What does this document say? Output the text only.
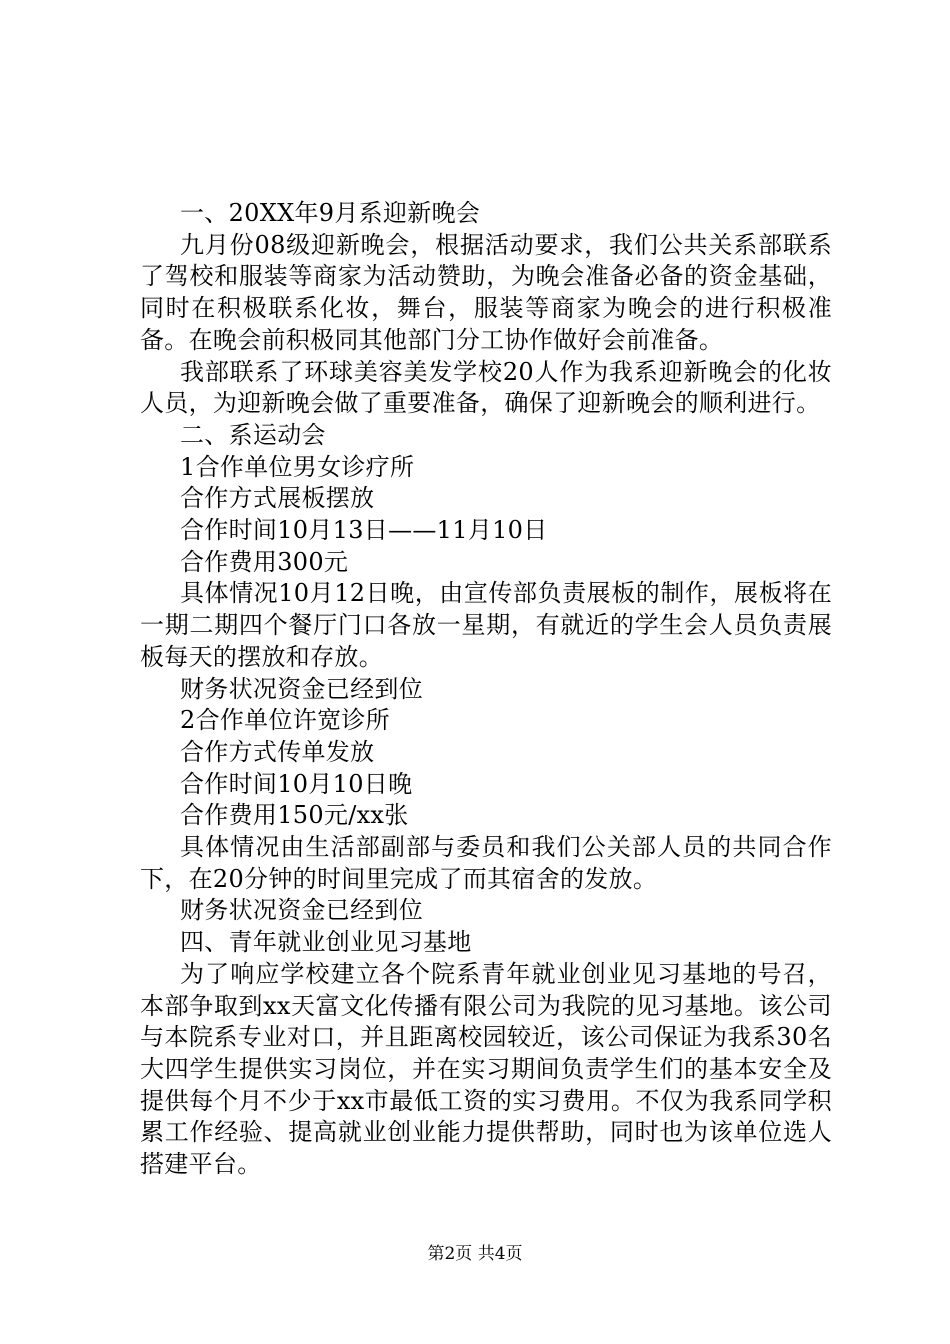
一、20XX年9月系迎新晚会

九月份08级迎新晚会，根据活动要求，我们公共关系部联系了驾校和服装等商家为活动赞助，为晚会准备必备的资金基础，同时在积极联系化妆，舞台，服装等商家为晚会的进行积极准备。在晚会前积极同其他部门分工协作做好会前准备。

我部联系了环球美容美发学校20人作为我系迎新晚会的化妆人员，为迎新晚会做了重要准备，确保了迎新晚会的顺利进行。

二、系运动会

1合作单位男女诊疗所

合作方式展板摆放

合作时间10月13日——11月10日

合作费用300元

具体情况10月12日晚，由宣传部负责展板的制作，展板将在一期二期四个餐厅门口各放一星期，有就近的学生会人员负责展板每天的摆放和存放。

财务状况资金已经到位

2合作单位许宽诊所

合作方式传单发放

合作时间10月10日晚

合作费用150元/xx张

具体情况由生活部副部与委员和我们公关部人员的共同合作下，在20分钟的时间里完成了而其宿舍的发放。

财务状况资金已经到位

四、青年就业创业见习基地

为了响应学校建立各个院系青年就业创业见习基地的号召，本部争取到xx天富文化传播有限公司为我院的见习基地。该公司与本院系专业对口，并且距离校园较近，该公司保证为我系30名大四学生提供实习岗位，并在实习期间负责学生们的基本安全及提供每个月不少于xx市最低工资的实习费用。不仅为我系同学积累工作经验、提高就业创业能力提供帮助，同时也为该单位选人搭建平台。

第2页 共4页
